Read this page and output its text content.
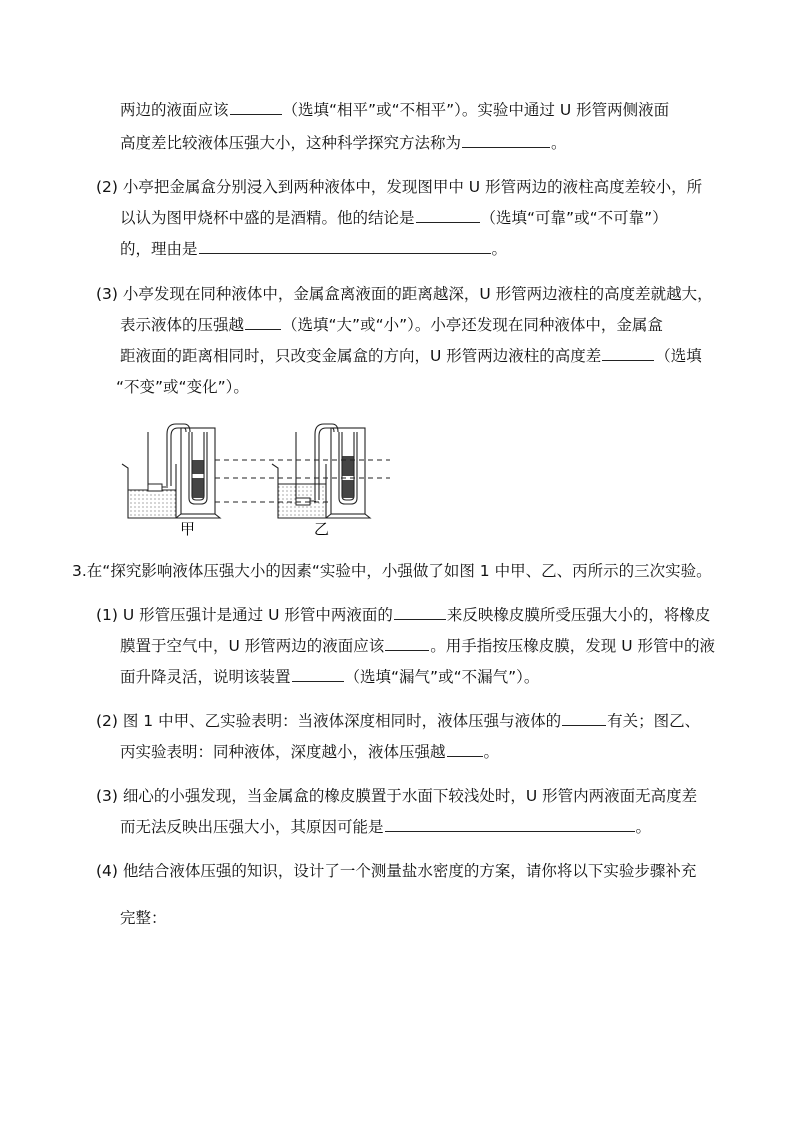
两边的液面应该	（选填“相平”或“不相平”）。实验中通过 U 形管两侧液面
高度差比较液体压强大小，这种科学探究方法称为	。
(2) 小亭把金属盒分别浸入到两种液体中，发现图甲中 U 形管两边的液柱高度差较小，所
以认为图甲烧杯中盛的是酒精。他的结论是	（选填“可靠”或“不可靠”）
的，理由是	。
(3) 小亭发现在同种液体中，金属盒离液面的距离越深，U 形管两边液柱的高度差就越大，
表示液体的压强越 （选填“大”或“小”）。小亭还发现在同种液体中，金属盒
距液面的距离相同时，只改变金属盒的方向，U 形管两边液柱的高度差	（选填
“不变”或“变化”）。
甲	乙
3.在“探究影响液体压强大小的因素“实验中，小强做了如图 1 中甲、乙、丙所示的三次实验。
(1) U 形管压强计是通过 U 形管中两液面的	来反映橡皮膜所受压强大小的，将橡皮
膜置于空气中，U 形管两边的液面应该	。用手指按压橡皮膜，发现 U 形管中的液
面升降灵活，说明该装置	（选填“漏气”或“不漏气”）。
(2) 图 1 中甲、乙实验表明：当液体深度相同时，液体压强与液体的	有关；图乙、
丙实验表明：同种液体，深度越小，液体压强越 。
(3) 细心的小强发现，当金属盒的橡皮膜置于水面下较浅处时，U 形管内两液面无高度差
而无法反映出压强大小，其原因可能是	。
(4) 他结合液体压强的知识，设计了一个测量盐水密度的方案，请你将以下实验步骤补充
完整：
